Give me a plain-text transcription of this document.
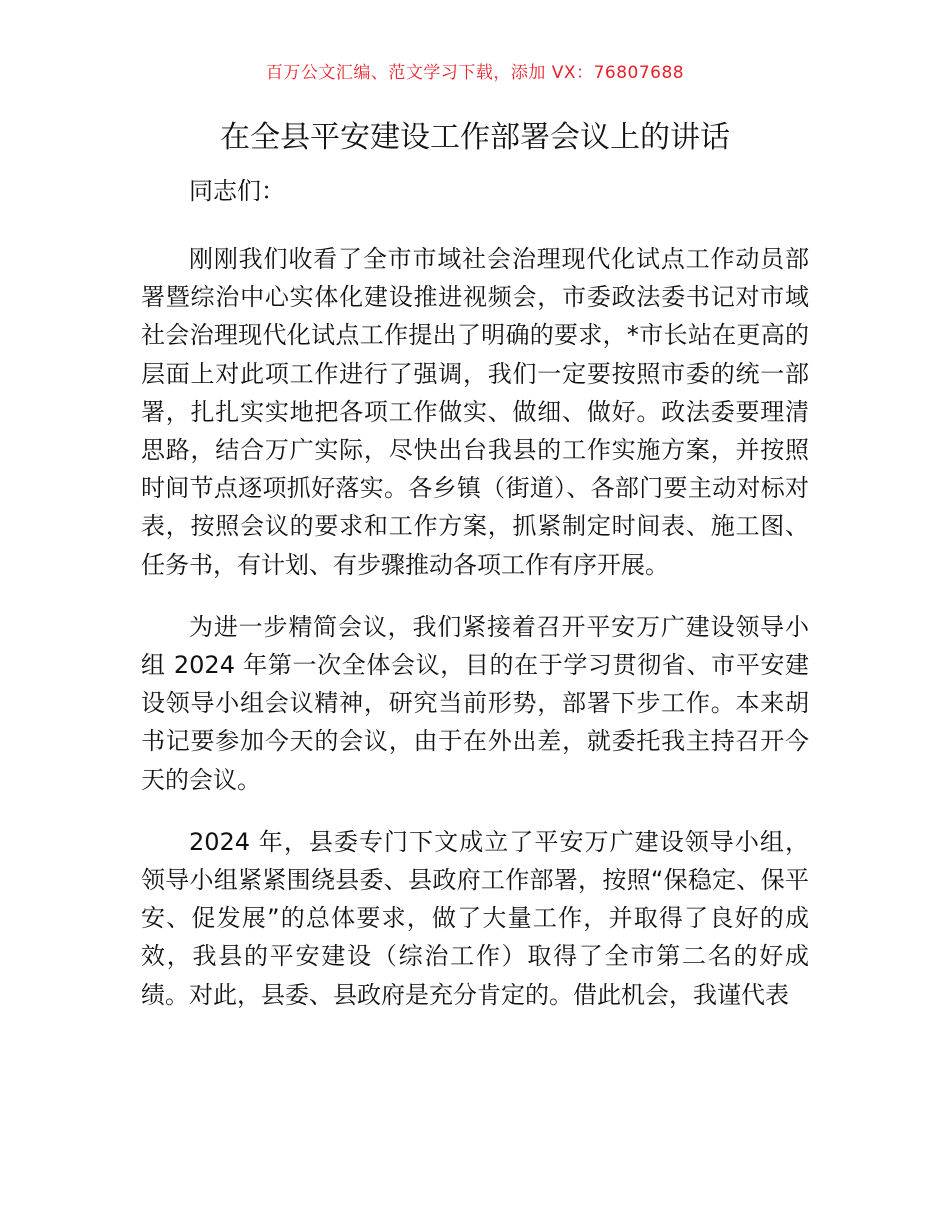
百万公文汇编、范文学习下载，添加 VX：76807688
在全县平安建设工作部署会议上的讲话

同志们：

刚刚我们收看了全市市域社会治理现代化试点工作动员部署暨综治中心实体化建设推进视频会，市委政法委书记对市域社会治理现代化试点工作提出了明确的要求，*市长站在更高的层面上对此项工作进行了强调，我们一定要按照市委的统一部署，扎扎实实地把各项工作做实、做细、做好。政法委要理清思路，结合万广实际，尽快出台我县的工作实施方案，并按照时间节点逐项抓好落实。各乡镇（街道）、各部门要主动对标对表，按照会议的要求和工作方案，抓紧制定时间表、施工图、任务书，有计划、有步骤推动各项工作有序开展。

为进一步精简会议，我们紧接着召开平安万广建设领导小组 2024 年第一次全体会议，目的在于学习贯彻省、市平安建设领导小组会议精神，研究当前形势，部署下步工作。本来胡书记要参加今天的会议，由于在外出差，就委托我主持召开今天的会议。

2024 年，县委专门下文成立了平安万广建设领导小组，领导小组紧紧围绕县委、县政府工作部署，按照“保稳定、保平安、促发展”的总体要求，做了大量工作，并取得了良好的成效，我县的平安建设（综治工作）取得了全市第二名的好成绩。对此，县委、县政府是充分肯定的。借此机会，我谨代表
